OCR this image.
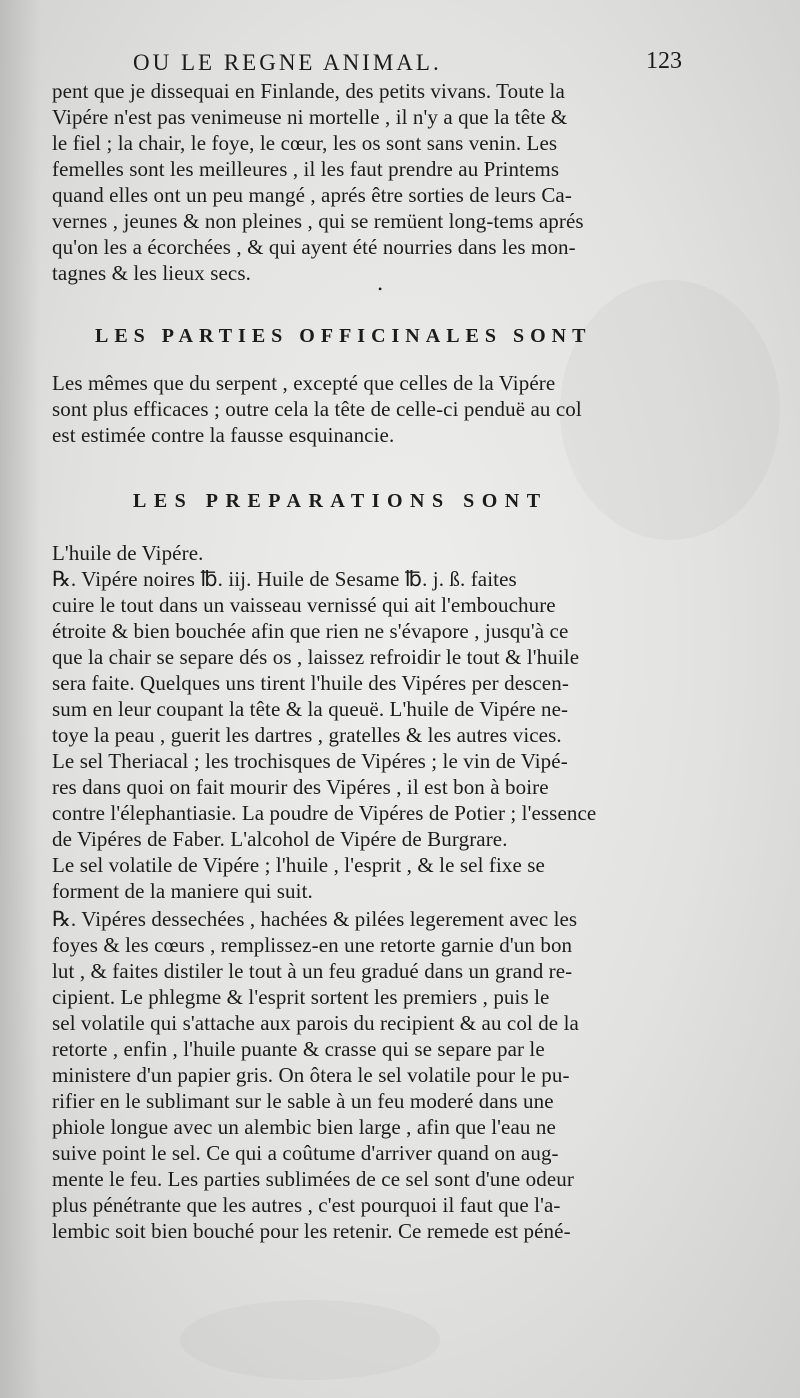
OU LE REGNE ANIMAL.	123
pent que je dissequai en Finlande, des petits vivans. Toute la
Vipére n'est pas venimeuse ni mortelle , il n'y a que la tête &
le fiel ; la chair, le foye, le cœur, les os sont sans venin. Les
femelles sont les meilleures , il les faut prendre au Printems
quand elles ont un peu mangé , aprés être sorties de leurs Ca-
vernes , jeunes & non pleines , qui se remüent long-tems aprés
qu'on les a écorchées , & qui ayent été nourries dans les mon-
tagnes & les lieux secs.
•
LES PARTIES OFFICINALES SONT
Les mêmes que du serpent , excepté que celles de la Vipére
sont plus efficaces ; outre cela la tête de celle-ci penduë au col
est estimée contre la fausse esquinancie.
LES PREPARATIONS SONT
L'huile de Vipére.
℞. Vipére noires ℔. iij. Huile de Sesame ℔. j. ß. faites
cuire le tout dans un vaisseau vernissé qui ait l'embouchure
étroite & bien bouchée afin que rien ne s'évapore , jusqu'à ce
que la chair se separe dés os , laissez refroidir le tout & l'huile
sera faite. Quelques uns tirent l'huile des Vipéres per descen-
sum en leur coupant la tête & la queuë. L'huile de Vipére ne-
toye la peau , guerit les dartres , gratelles & les autres vices.
Le sel Theriacal ; les trochisques de Vipéres ; le vin de Vipé-
res dans quoi on fait mourir des Vipéres , il est bon à boire
contre l'élephantiasie. La poudre de Vipéres de Potier ; l'essence
de Vipéres de Faber. L'alcohol de Vipére de Burgrare.
Le sel volatile de Vipére ; l'huile , l'esprit , & le sel fixe se
forment de la maniere qui suit.
℞. Vipéres dessechées , hachées & pilées legerement avec les
foyes & les cœurs , remplissez-en une retorte garnie d'un bon
lut , & faites distiler le tout à un feu gradué dans un grand re-
cipient. Le phlegme & l'esprit sortent les premiers , puis le
sel volatile qui s'attache aux parois du recipient & au col de la
retorte , enfin , l'huile puante & crasse qui se separe par le
ministere d'un papier gris. On ôtera le sel volatile pour le pu-
rifier en le sublimant sur le sable à un feu moderé dans une
phiole longue avec un alembic bien large , afin que l'eau ne
suive point le sel. Ce qui a coûtume d'arriver quand on aug-
mente le feu. Les parties sublimées de ce sel sont d'une odeur
plus pénétrante que les autres , c'est pourquoi il faut que l'a-
lembic soit bien bouché pour les retenir. Ce remede est péné-
